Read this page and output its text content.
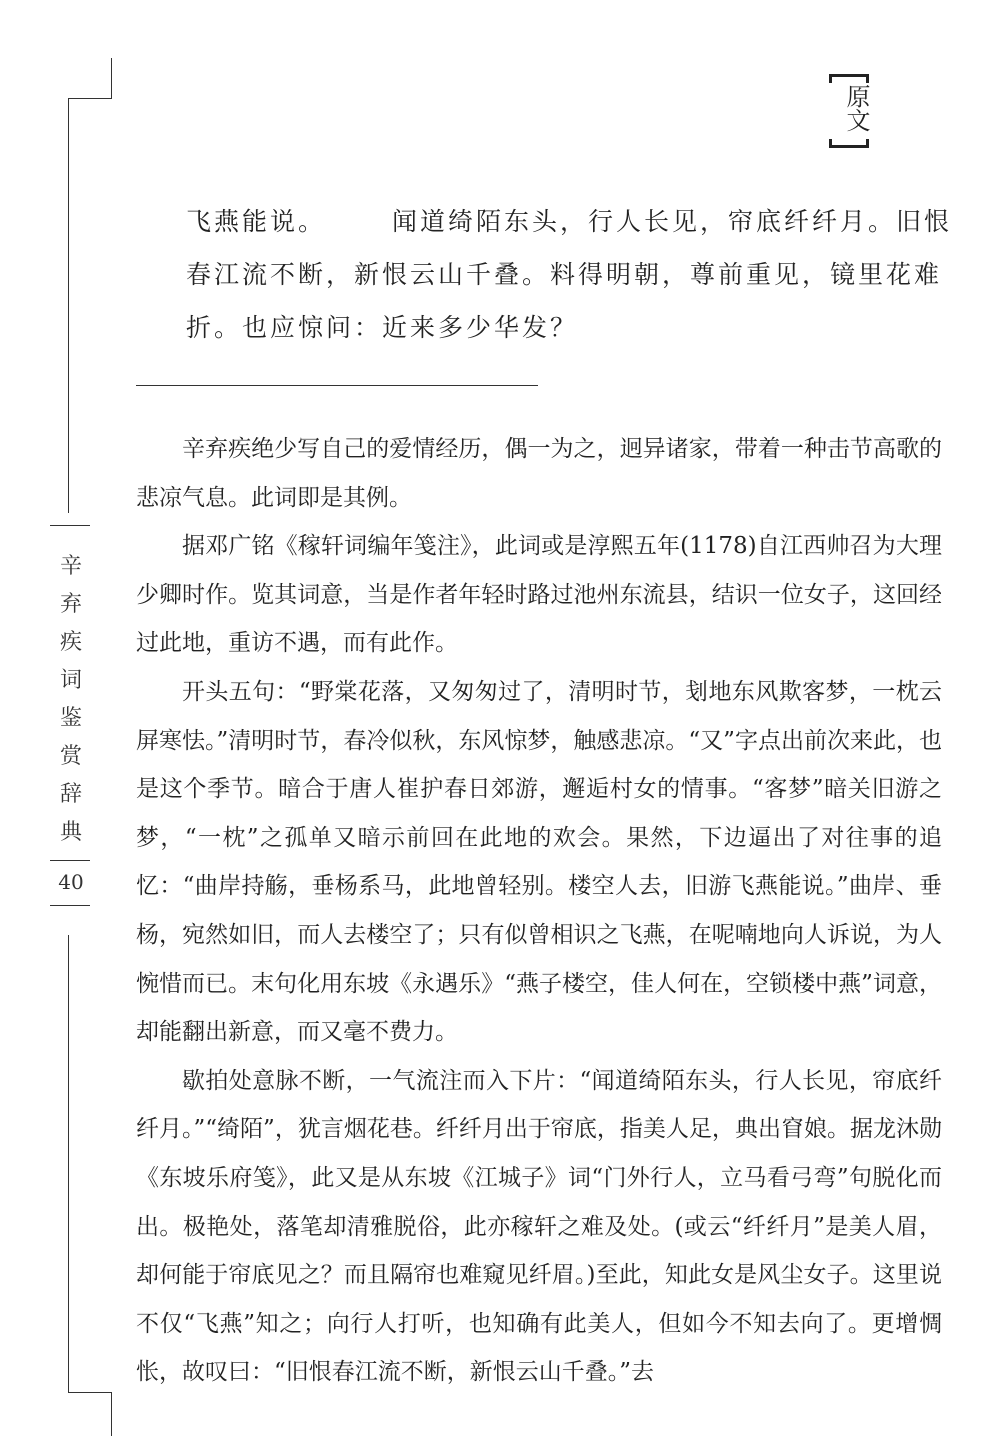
原文

飞燕能说。	闻道绮陌东头，行人长见，帘底纤纤月。旧恨

春江流不断，新恨云山千叠。料得明朝，尊前重见，镜里花难

折。也应惊问：近来多少华发？

辛弃疾绝少写自己的爱情经历，偶一为之，迥异诸家，带着一种击节高歌的悲凉气息。此词即是其例。

据邓广铭《稼轩词编年笺注》，此词或是淳熙五年(1178)自江西帅召为大理少卿时作。览其词意，当是作者年轻时路过池州东流县，结识一位女子，这回经过此地，重访不遇，而有此作。

开头五句：“野棠花落，又匆匆过了，清明时节，刬地东风欺客梦，一枕云屏寒怯。”清明时节，春冷似秋，东风惊梦，触感悲凉。“又”字点出前次来此，也是这个季节。暗合于唐人崔护春日郊游，邂逅村女的情事。“客梦”暗关旧游之梦，“一枕”之孤单又暗示前回在此地的欢会。果然，下边逼出了对往事的追忆：“曲岸持觞，垂杨系马，此地曾轻别。楼空人去，旧游飞燕能说。”曲岸、垂杨，宛然如旧，而人去楼空了；只有似曾相识之飞燕，在呢喃地向人诉说，为人惋惜而已。末句化用东坡《永遇乐》“燕子楼空，佳人何在，空锁楼中燕”词意，却能翻出新意，而又毫不费力。

歇拍处意脉不断，一气流注而入下片：“闻道绮陌东头，行人长见，帘底纤纤月。”“绮陌”，犹言烟花巷。纤纤月出于帘底，指美人足，典出窅娘。据龙沐勋《东坡乐府笺》，此又是从东坡《江城子》词“门外行人，立马看弓弯”句脱化而出。极艳处，落笔却清雅脱俗，此亦稼轩之难及处。(或云“纤纤月”是美人眉，却何能于帘底见之？而且隔帘也难窥见纤眉。)至此，知此女是风尘女子。这里说不仅“飞燕”知之；向行人打听，也知确有此美人，但如今不知去向了。更增惆怅，故叹曰：“旧恨春江流不断，新恨云山千叠。”去

辛
弃
疾
词
鉴
赏
辞
典
40
